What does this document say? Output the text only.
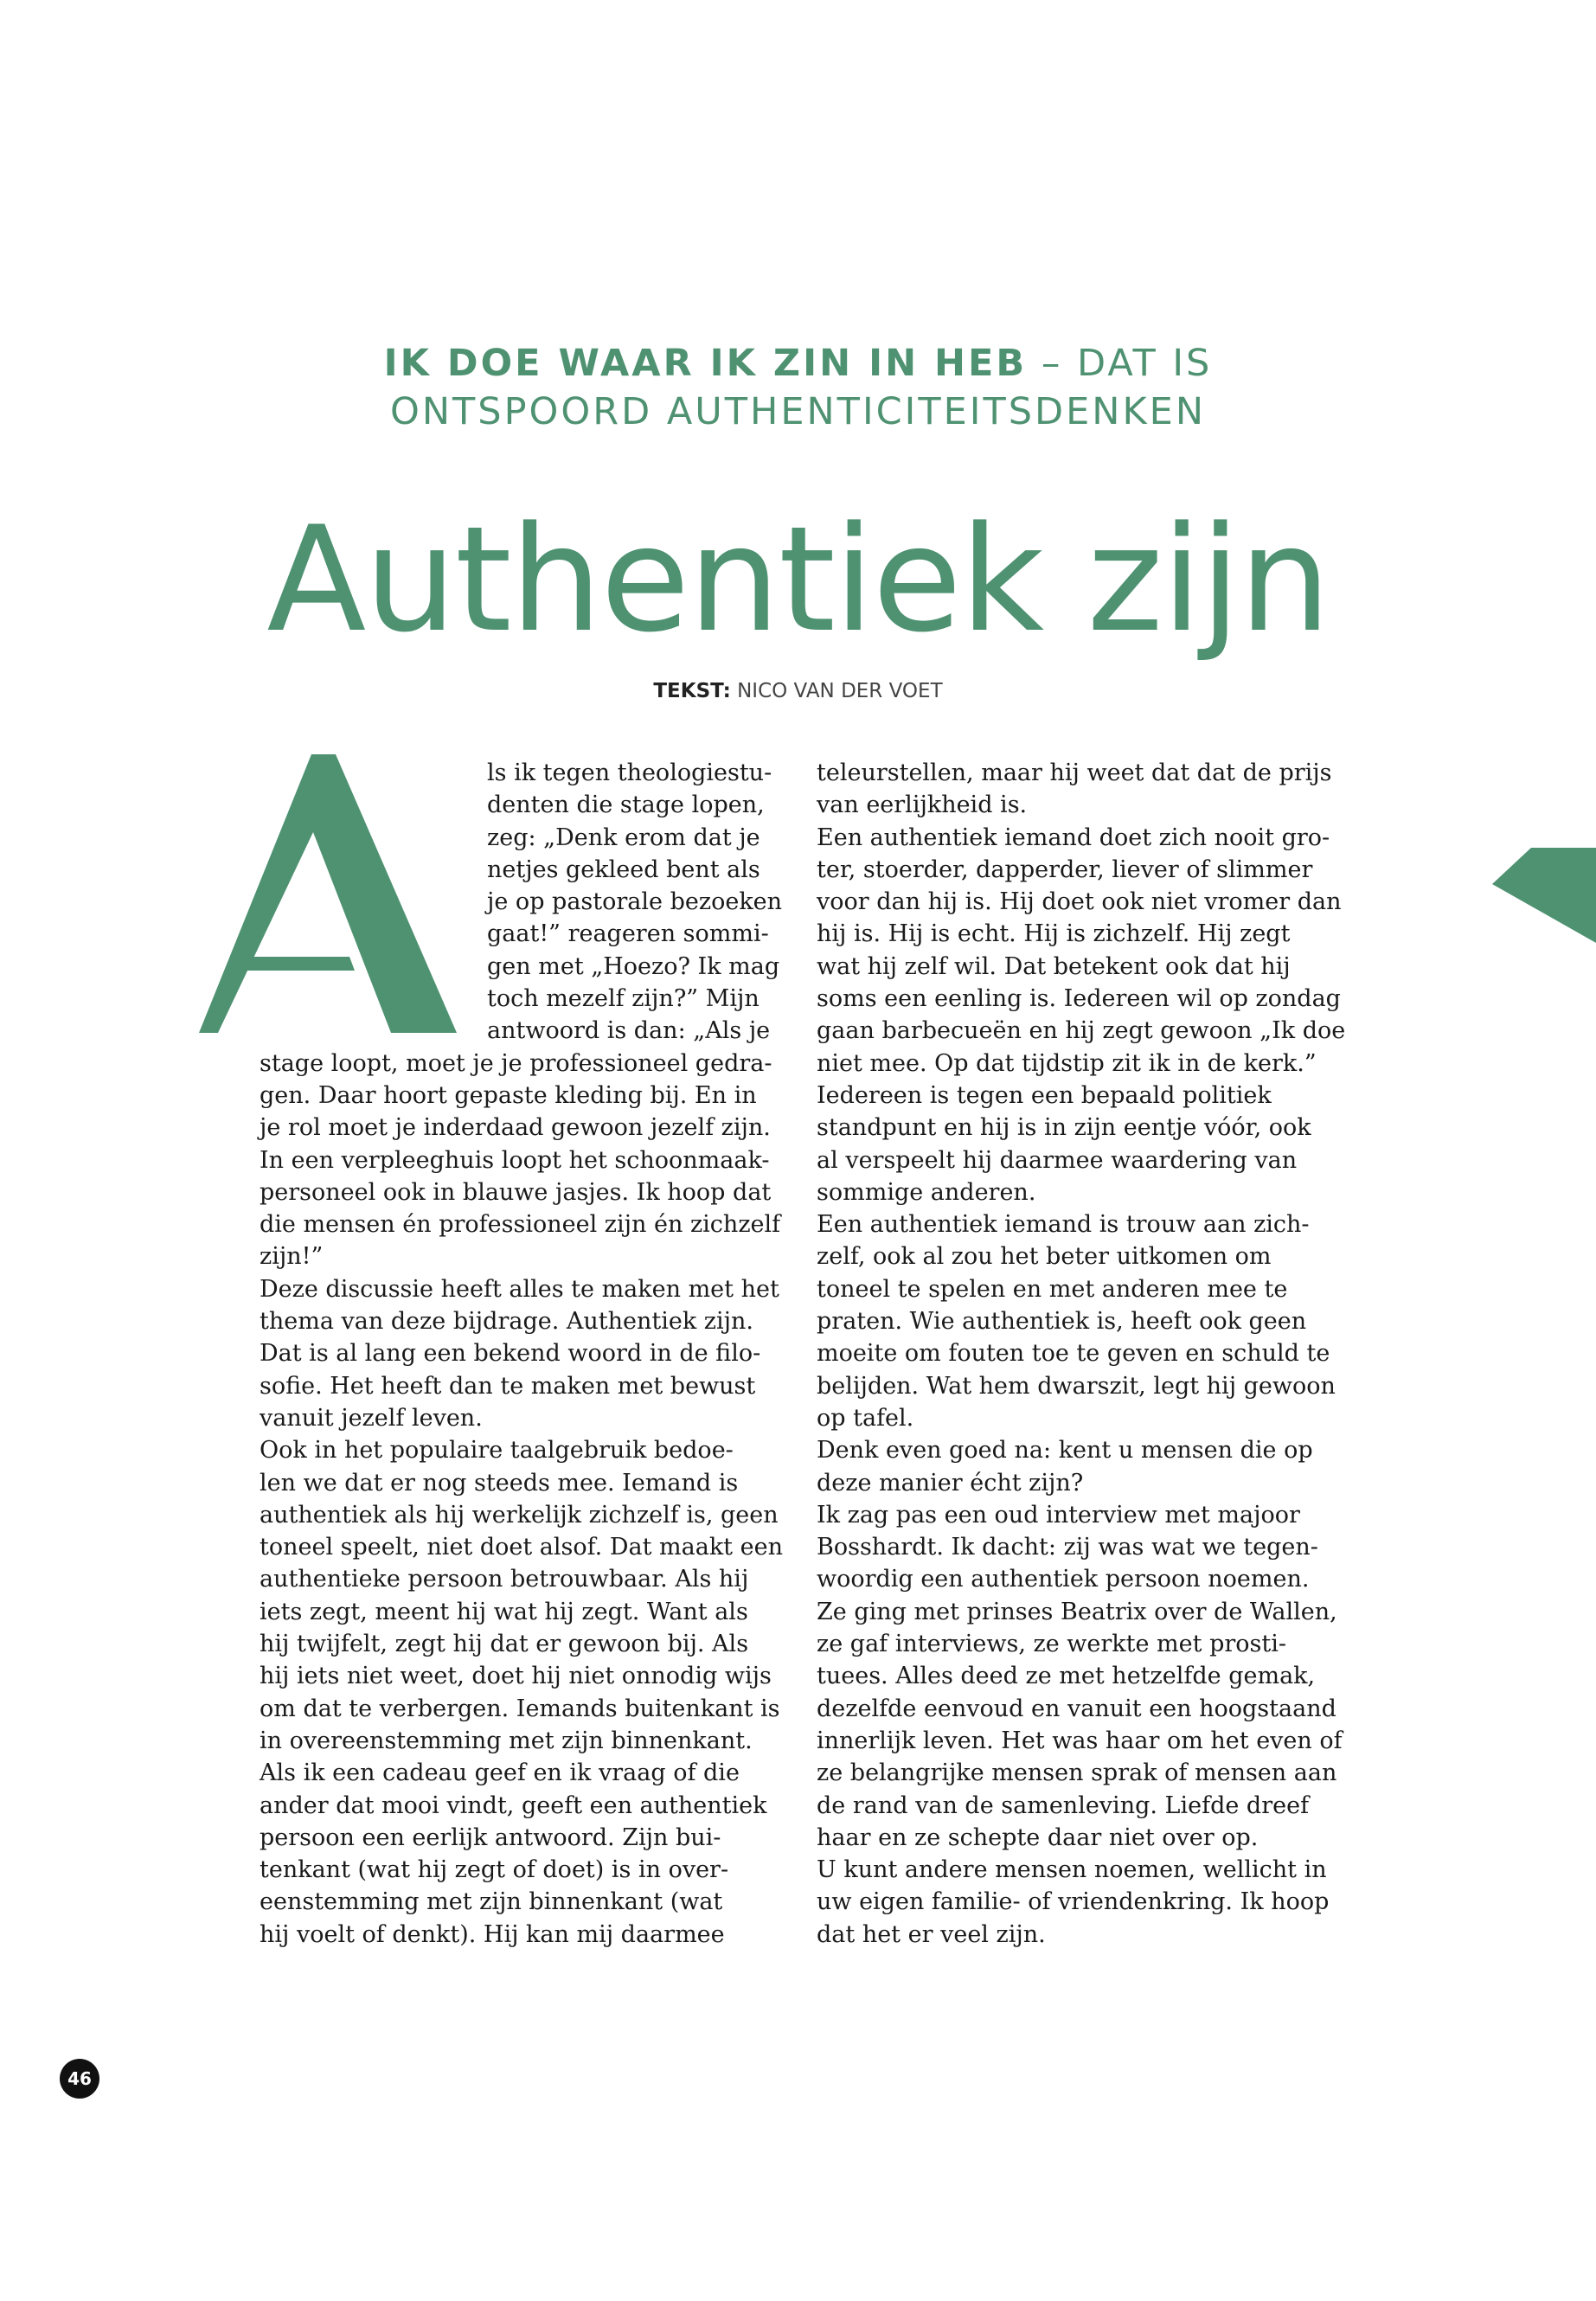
IK DOE WAAR IK ZIN IN HEB – DAT IS
ONTSPOORD AUTHENTICITEITSDENKEN
Authentiek zijn
TEKST: NICO VAN DER VOET
A
ls ik tegen theologiestu-
denten die stage lopen,
zeg: „Denk erom dat je
netjes gekleed bent als
je op pastorale bezoeken
gaat!” reageren sommi-
gen met „Hoezo? Ik mag
toch mezelf zijn?” Mijn
antwoord is dan: „Als je
stage loopt, moet je je professioneel gedra-
gen. Daar hoort gepaste kleding bij. En in
je rol moet je inderdaad gewoon jezelf zijn.
In een verpleeghuis loopt het schoonmaak-
personeel ook in blauwe jasjes. Ik hoop dat
die mensen én professioneel zijn én zichzelf
zijn!”
Deze discussie heeft alles te maken met het
thema van deze bijdrage. Authentiek zijn.
Dat is al lang een bekend woord in de filo-
sofie. Het heeft dan te maken met bewust
vanuit jezelf leven.
Ook in het populaire taalgebruik bedoe-
len we dat er nog steeds mee. Iemand is
authentiek als hij werkelijk zichzelf is, geen
toneel speelt, niet doet alsof. Dat maakt een
authentieke persoon betrouwbaar. Als hij
iets zegt, meent hij wat hij zegt. Want als
hij twijfelt, zegt hij dat er gewoon bij. Als
hij iets niet weet, doet hij niet onnodig wijs
om dat te verbergen. Iemands buitenkant is
in overeenstemming met zijn binnenkant.
Als ik een cadeau geef en ik vraag of die
ander dat mooi vindt, geeft een authentiek
persoon een eerlijk antwoord. Zijn bui-
tenkant (wat hij zegt of doet) is in over-
eenstemming met zijn binnenkant (wat
hij voelt of denkt). Hij kan mij daarmee
teleurstellen, maar hij weet dat dat de prijs
van eerlijkheid is.
Een authentiek iemand doet zich nooit gro-
ter, stoerder, dapperder, liever of slimmer
voor dan hij is. Hij doet ook niet vromer dan
hij is. Hij is echt. Hij is zichzelf. Hij zegt
wat hij zelf wil. Dat betekent ook dat hij
soms een eenling is. Iedereen wil op zondag
gaan barbecueën en hij zegt gewoon „Ik doe
niet mee. Op dat tijdstip zit ik in de kerk.”
Iedereen is tegen een bepaald politiek
standpunt en hij is in zijn eentje vóór, ook
al verspeelt hij daarmee waardering van
sommige anderen.
Een authentiek iemand is trouw aan zich-
zelf, ook al zou het beter uitkomen om
toneel te spelen en met anderen mee te
praten. Wie authentiek is, heeft ook geen
moeite om fouten toe te geven en schuld te
belijden. Wat hem dwarszit, legt hij gewoon
op tafel.
Denk even goed na: kent u mensen die op
deze manier écht zijn?
Ik zag pas een oud interview met majoor
Bosshardt. Ik dacht: zij was wat we tegen-
woordig een authentiek persoon noemen.
Ze ging met prinses Beatrix over de Wallen,
ze gaf interviews, ze werkte met prosti-
tuees. Alles deed ze met hetzelfde gemak,
dezelfde eenvoud en vanuit een hoogstaand
innerlijk leven. Het was haar om het even of
ze belangrijke mensen sprak of mensen aan
de rand van de samenleving. Liefde dreef
haar en ze schepte daar niet over op.
U kunt andere mensen noemen, wellicht in
uw eigen familie- of vriendenkring. Ik hoop
dat het er veel zijn.
46
